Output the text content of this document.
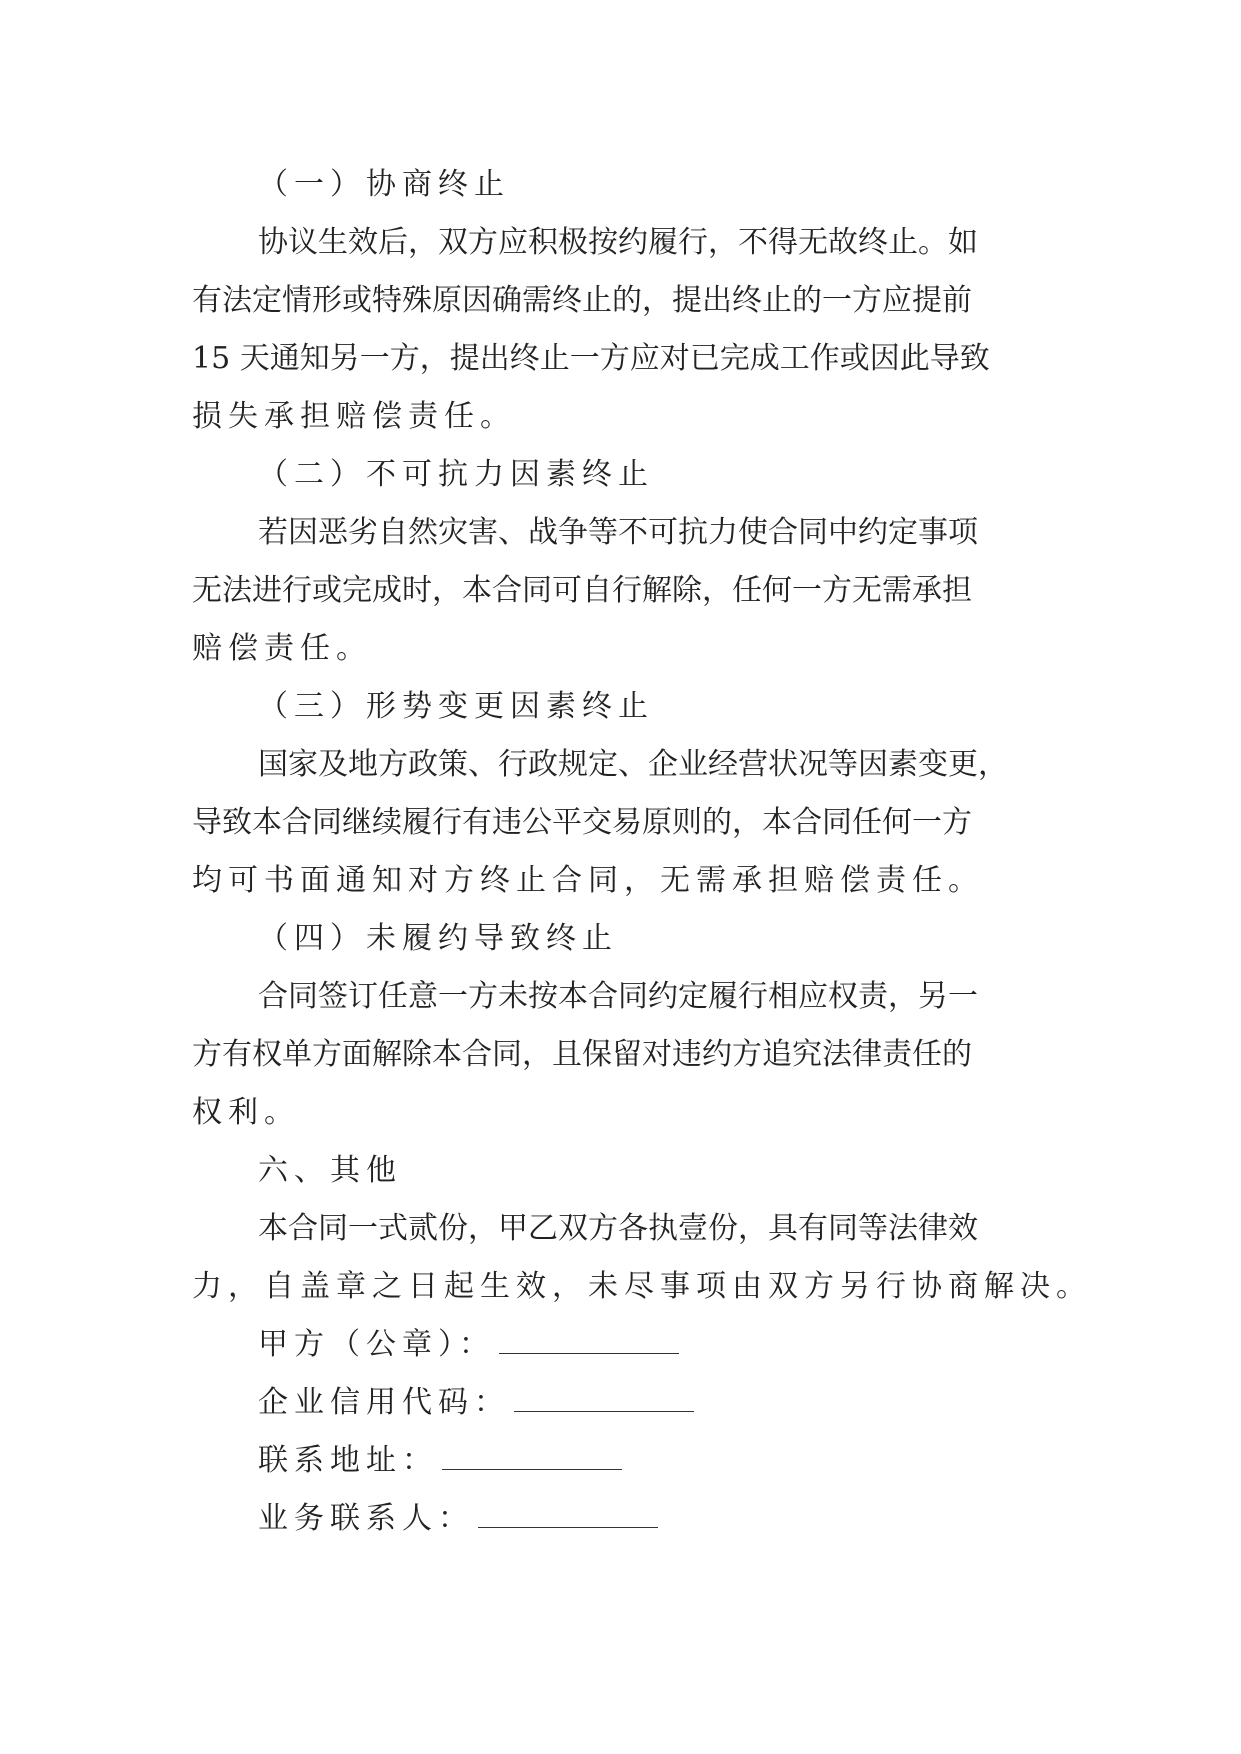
（一）协商终止
协议生效后，双方应积极按约履行，不得无故终止。如
有法定情形或特殊原因确需终止的，提出终止的一方应提前
15 天通知另一方，提出终止一方应对已完成工作或因此导致
损失承担赔偿责任。
（二）不可抗力因素终止
若因恶劣自然灾害、战争等不可抗力使合同中约定事项
无法进行或完成时，本合同可自行解除，任何一方无需承担
赔偿责任。
（三）形势变更因素终止
国家及地方政策、行政规定、企业经营状况等因素变更，
导致本合同继续履行有违公平交易原则的，本合同任何一方
均可书面通知对方终止合同，无需承担赔偿责任。
（四）未履约导致终止
合同签订任意一方未按本合同约定履行相应权责，另一
方有权单方面解除本合同，且保留对违约方追究法律责任的
权利。
六、其他
本合同一式贰份，甲乙双方各执壹份，具有同等法律效
力，自盖章之日起生效，未尽事项由双方另行协商解决。
甲方（公章）：
企业信用代码：
联系地址：
业务联系人：
